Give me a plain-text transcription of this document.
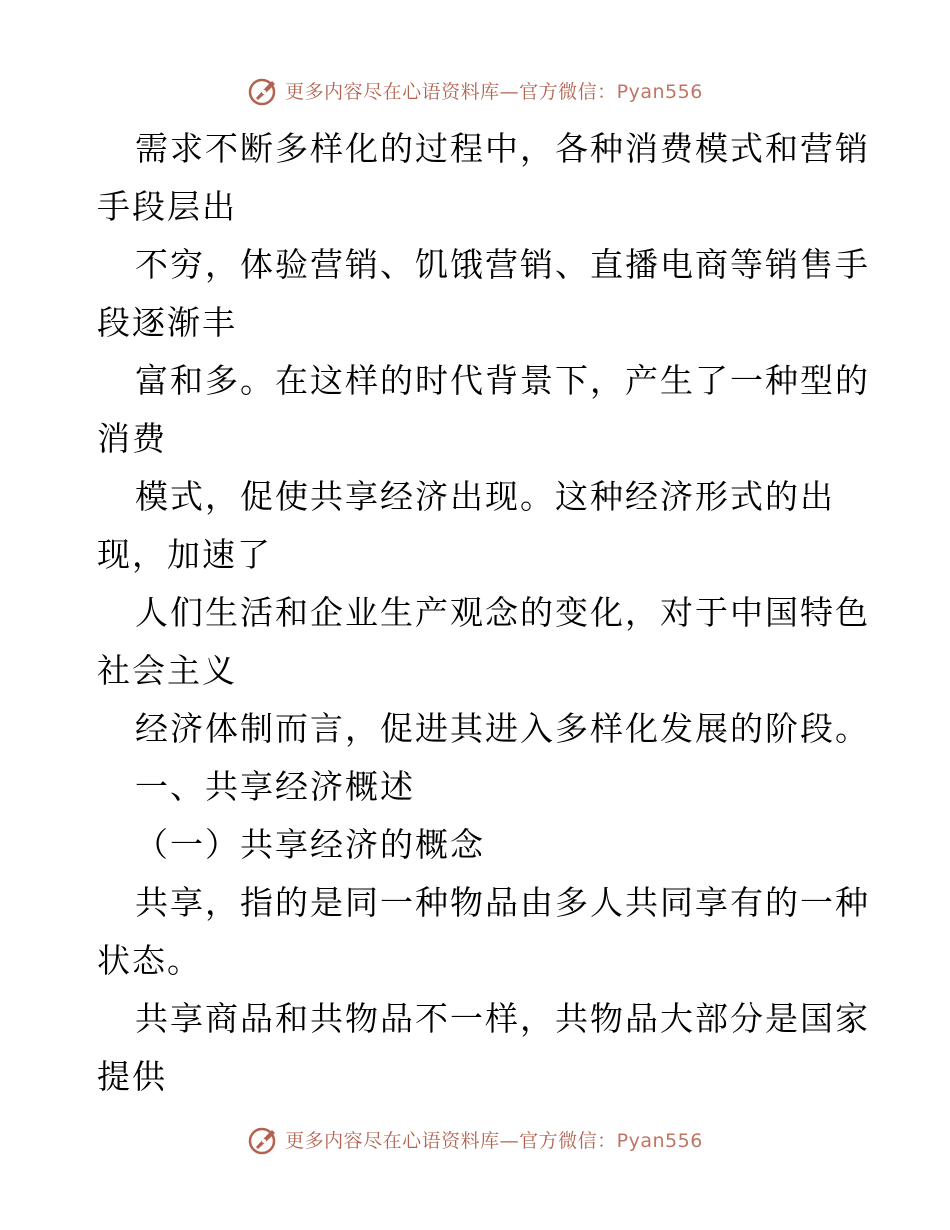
更多内容尽在心语资料库—官方微信：Pyan556
需求不断多样化的过程中，各种消费模式和营销
手段层出
不穷，体验营销、饥饿营销、直播电商等销售手
段逐渐丰
富和多。在这样的时代背景下，产生了一种型的
消费
模式，促使共享经济出现。这种经济形式的出
现，加速了
人们生活和企业生产观念的变化，对于中国特色
社会主义
经济体制而言，促进其进入多样化发展的阶段。
一、共享经济概述
（一）共享经济的概念
共享，指的是同一种物品由多人共同享有的一种
状态。
共享商品和共物品不一样，共物品大部分是国家
提供
更多内容尽在心语资料库—官方微信：Pyan556
